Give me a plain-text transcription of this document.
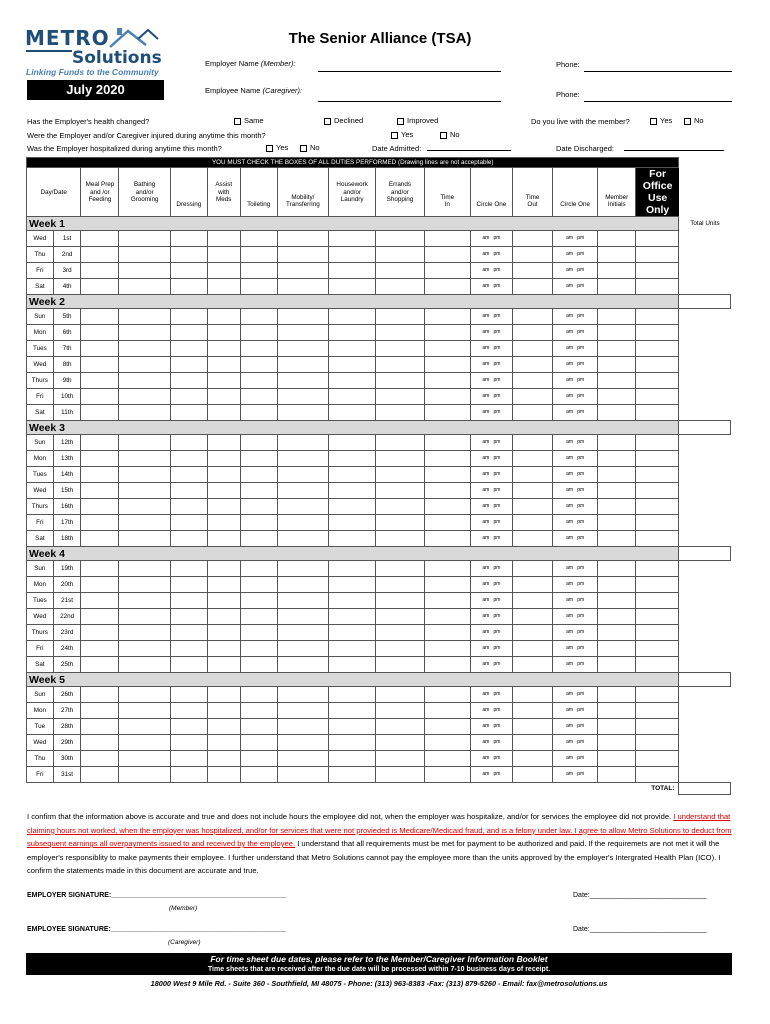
METRO
Solutions
Linking Funds to the Community
July 2020
The Senior Alliance (TSA)
Employer Name (Member):	Phone:
Employee Name (Caregiver):	Phone:
Has the Employer's health changed?	Same	Declined	Improved	Do you live with the member?	Yes	No
Were the Employer and/or Caregiver injured during anytime this month?	Yes	No
Was the Employer hospitalized during anytime this month?	Yes	No	Date Admitted:	Date Discharged:
YOU MUST CHECK THE BOXES OF ALL DUTIES PERFORMED (Drawing lines are not acceptable)																
Day/Date		Meal Prep
and /or
Feeding	Bathing
and/or
Grooming	Dressing	Assist
with
Meds	Toileting	Mobility/
Transferring	Housework
and/or
Laundry	Errands
and/or
Shopping	Time
In	Circle One	Time
Out	Circle One	Member
Initials	For Office Use Only	

Week 1																Total Units
Wed	1st										am pm		am pm			
Thu	2nd										am pm		am pm			
Fri	3rd										am pm		am pm			
Sat	4th										am pm		am pm			
Week 2																
Sun	5th										am pm		am pm			
Mon	6th										am pm		am pm			
Tues	7th										am pm		am pm			
Wed	8th										am pm		am pm			
Thurs	9th										am pm		am pm			
Fri	10th										am pm		am pm			
Sat	11th										am pm		am pm			
Week 3																
Sun	12th										am pm		am pm			
Mon	13th										am pm		am pm			
Tues	14th										am pm		am pm			
Wed	15th										am pm		am pm			
Thurs	16th										am pm		am pm			
Fri	17th										am pm		am pm			
Sat	18th										am pm		am pm			
Week 4																
Sun	19th										am pm		am pm			
Mon	20th										am pm		am pm			
Tues	21st										am pm		am pm			
Wed	22nd										am pm		am pm			
Thurs	23rd										am pm		am pm			
Fri	24th										am pm		am pm			
Sat	25th										am pm		am pm			
Week 5																
Sun	26th										am pm		am pm			
Mon	27th										am pm		am pm			
Tue	28th										am pm		am pm			
Wed	29th										am pm		am pm			
Thu	30th										am pm		am pm			
Fri	31st										am pm		am pm			
TOTAL:																
I confirm that the information above is accurate and true and does not include hours the employee did not, when the employer was hospitalize, and/or for services the employee did not provide. I understand that claiming hours not worked, when the employer was hospitalized, and/or for services that were not provieded is Medicare/Medicaid fraud, and is a felony under law. I agree to allow Metro Solutions to deduct from subsequent earnings all overpayments issued to and received by the employee. I understand that all requirements must be met for payment to be authorized and paid. If the requiremets are not met it will the employer's responsiblity to make payments their employee. I further understand that Metro Solutions cannot pay the employee more than the units approved by the employer's Intergrated Health Plan (ICO). I confirm the statements made in this document are accurate and true.
EMPLOYER SIGNATURE:_____________________________________________
(Member)
Date:______________________________
EMPLOYEE SIGNATURE:_____________________________________________
(Caregiver)
Date:______________________________
For time sheet due dates, please refer to the Member/Caregiver Information Booklet
Time sheets that are received after the due date will be processed within 7-10 business days of receipt.
18000 West 9 Mile Rd. - Suite 360 - Southfield, MI 48075 - Phone: (313) 963-8383 -Fax: (313) 879-5260 - Email: fax@metrosolutions.us
